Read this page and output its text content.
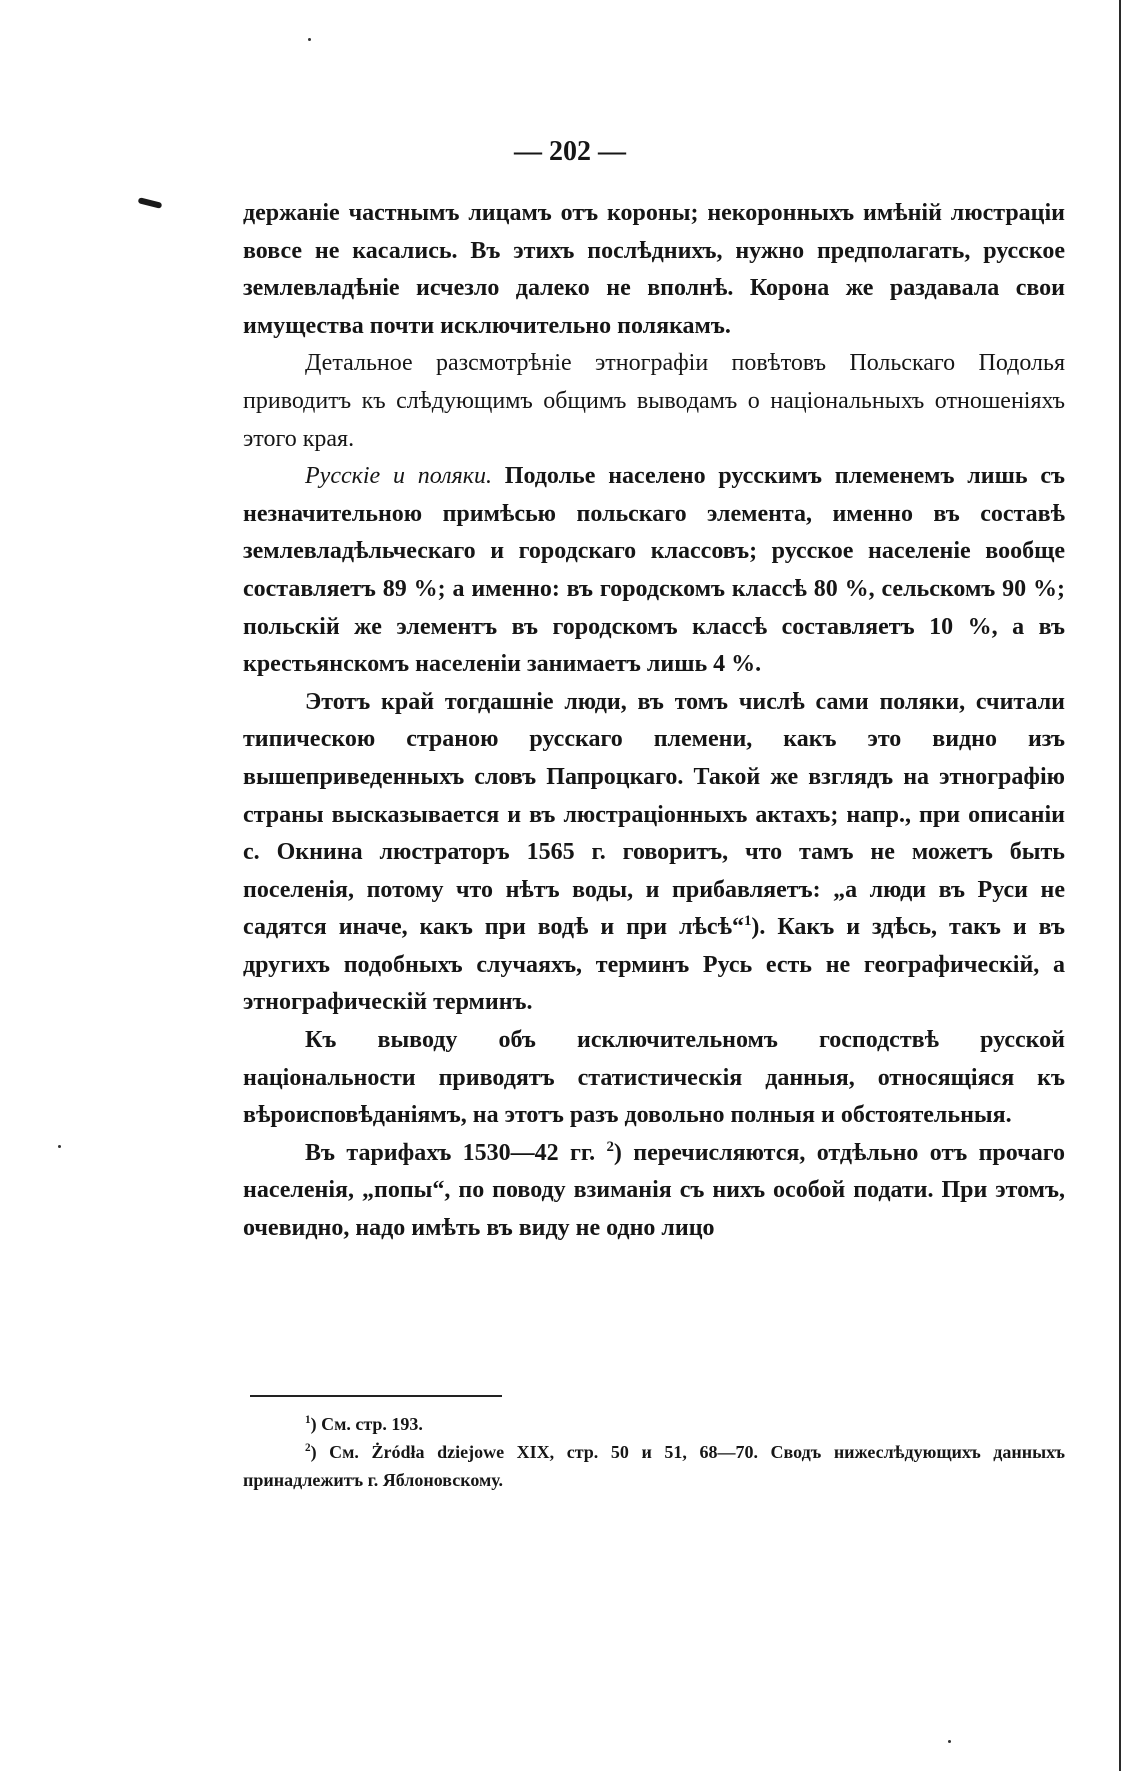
— 202 —

держаніе частнымъ лицамъ отъ короны; некоронныхъ имѣній люстраціи вовсе не касались. Въ этихъ послѣднихъ, нужно предполагать, русское землевладѣніе исчезло далеко не вполнѣ. Корона же раздавала свои имущества почти исключительно полякамъ.

Детальное разсмотрѣніе этнографіи повѣтовъ Польскаго Подолья приводитъ къ слѣдующимъ общимъ выводамъ о національныхъ отношеніяхъ этого края.

Русскіе и поляки. Подолье населено русскимъ племенемъ лишь съ незначительною примѣсью польскаго элемента, именно въ составѣ землевладѣльческаго и городскаго классовъ; русское населеніе вообще составляетъ 89 %; а именно: въ городскомъ классѣ 80 %, сельскомъ 90 %; польскій же элементъ въ городскомъ классѣ составляетъ 10 %, а въ крестьянскомъ населеніи занимаетъ лишь 4 %.

Этотъ край тогдашніе люди, въ томъ числѣ сами поляки, считали типическою страною русскаго племени, какъ это видно изъ вышеприведенныхъ словъ Папроцкаго. Такой же взглядъ на этнографію страны высказывается и въ люстраціонныхъ актахъ; напр., при описаніи с. Окнина люстраторъ 1565 г. говоритъ, что тамъ не можетъ быть поселенія, потому что нѣтъ воды, и прибавляетъ: „а люди въ Руси не садятся иначе, какъ при водѣ и при лѣсѣ“$^1$). Какъ и здѣсь, такъ и въ другихъ подобныхъ случаяхъ, терминъ Русь есть не географическій, а этнографическій терминъ.

Къ выводу объ исключительномъ господствѣ русской національности приводятъ статистическія данныя, относящіяся къ вѣроисповѣданіямъ, на этотъ разъ довольно полныя и обстоятельныя.

Въ тарифахъ 1530—42 гг. $^2$) перечисляются, отдѣльно отъ прочаго населенія, „попы“, по поводу взиманія съ нихъ особой подати. При этомъ, очевидно, надо имѣть въ виду не одно лицо

$^1$) См. стр. 193.

$^2$) См. Żródła dziejowe XIX, стр. 50 и 51, 68—70. Сводъ нижеслѣдующихъ данныхъ принадлежитъ г. Яблоновскому.
